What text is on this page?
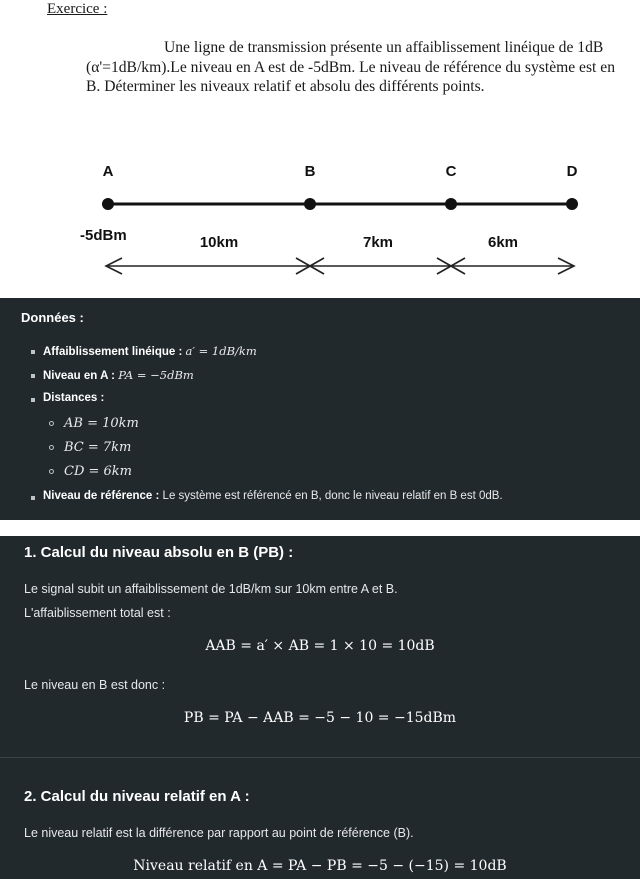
Exercice :

Une ligne de transmission présente un affaiblissement linéique de 1dB (α'=1dB/km).Le niveau en A est de -5dBm. Le niveau de référence du système est en B. Déterminer les niveaux relatif et absolu des différents points.

A	B	C	D
-5dBm	10km	7km	6km
Données :
Affaiblissement linéique : a′ = 1dB/km
Niveau en A : PA = −5dBm
Distances :
AB = 10km
BC = 7km
CD = 6km
Niveau de référence : Le système est référencé en B, donc le niveau relatif en B est 0dB.
1. Calcul du niveau absolu en B (PB) :
Le signal subit un affaiblissement de 1dB/km sur 10km entre A et B.
L'affaiblissement total est :
AAB = a′ × AB = 1 × 10 = 10dB
Le niveau en B est donc :
PB = PA − AAB = −5 − 10 = −15dBm
2. Calcul du niveau relatif en A :
Le niveau relatif est la différence par rapport au point de référence (B).
Niveau relatif en A = PA − PB = −5 − (−15) = 10dB
